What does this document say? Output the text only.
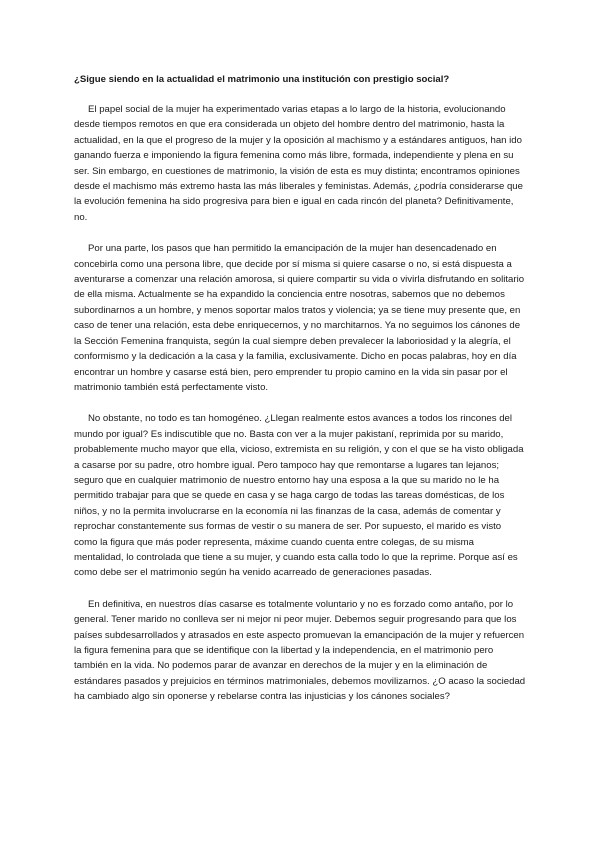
¿Sigue siendo en la actualidad el matrimonio una institución con prestigio social?

El papel social de la mujer ha experimentado varias etapas a lo largo de la historia, evolucionando desde tiempos remotos en que era considerada un objeto del hombre dentro del matrimonio, hasta la actualidad, en la que el progreso de la mujer y la oposición al machismo y a estándares antiguos, han ido ganando fuerza e imponiendo la figura femenina como más libre, formada, independiente y plena en su ser. Sin embargo, en cuestiones de matrimonio, la visión de esta es muy distinta; encontramos opiniones desde el machismo más extremo hasta las más liberales y feministas. Además, ¿podría considerarse que la evolución femenina ha sido progresiva para bien e igual en cada rincón del planeta? Definitivamente, no.

Por una parte, los pasos que han permitido la emancipación de la mujer han desencadenado en concebirla como una persona libre, que decide por sí misma si quiere casarse o no, si está dispuesta a aventurarse a comenzar una relación amorosa, si quiere compartir su vida o vivirla disfrutando en solitario de ella misma. Actualmente se ha expandido la conciencia entre nosotras, sabemos que no debemos subordinarnos a un hombre, y menos soportar malos tratos y violencia; ya se tiene muy presente que, en caso de tener una relación, esta debe enriquecernos, y no marchitarnos. Ya no seguimos los cánones de la Sección Femenina franquista, según la cual siempre deben prevalecer la laboriosidad y la alegría, el conformismo y la dedicación a la casa y la familia, exclusivamente. Dicho en pocas palabras, hoy en día encontrar un hombre y casarse está bien, pero emprender tu propio camino en la vida sin pasar por el matrimonio también está perfectamente visto.

No obstante, no todo es tan homogéneo. ¿Llegan realmente estos avances a todos los rincones del mundo por igual? Es indiscutible que no. Basta con ver a la mujer pakistaní, reprimida por su marido, probablemente mucho mayor que ella, vicioso, extremista en su religión, y con el que se ha visto obligada a casarse por su padre, otro hombre igual. Pero tampoco hay que remontarse a lugares tan lejanos; seguro que en cualquier matrimonio de nuestro entorno hay una esposa a la que su marido no le ha permitido trabajar para que se quede en casa y se haga cargo de todas las tareas domésticas, de los niños, y no la permita involucrarse en la economía ni las finanzas de la casa, además de comentar y reprochar constantemente sus formas de vestir o su manera de ser. Por supuesto, el marido es visto como la figura que más poder representa, máxime cuando cuenta entre colegas, de su misma mentalidad, lo controlada que tiene a su mujer, y cuando esta calla todo lo que la reprime. Porque así es como debe ser el matrimonio según ha venido acarreado de generaciones pasadas.

En definitiva, en nuestros días casarse es totalmente voluntario y no es forzado como antaño, por lo general. Tener marido no conlleva ser ni mejor ni peor mujer. Debemos seguir progresando para que los países subdesarrollados y atrasados en este aspecto promuevan la emancipación de la mujer y refuercen la figura femenina para que se identifique con la libertad y la independencia, en el matrimonio pero también en la vida. No podemos parar de avanzar en derechos de la mujer y en la eliminación de estándares pasados y prejuicios en términos matrimoniales, debemos movilizarnos. ¿O acaso la sociedad ha cambiado algo sin oponerse y rebelarse contra las injusticias y los cánones sociales?
